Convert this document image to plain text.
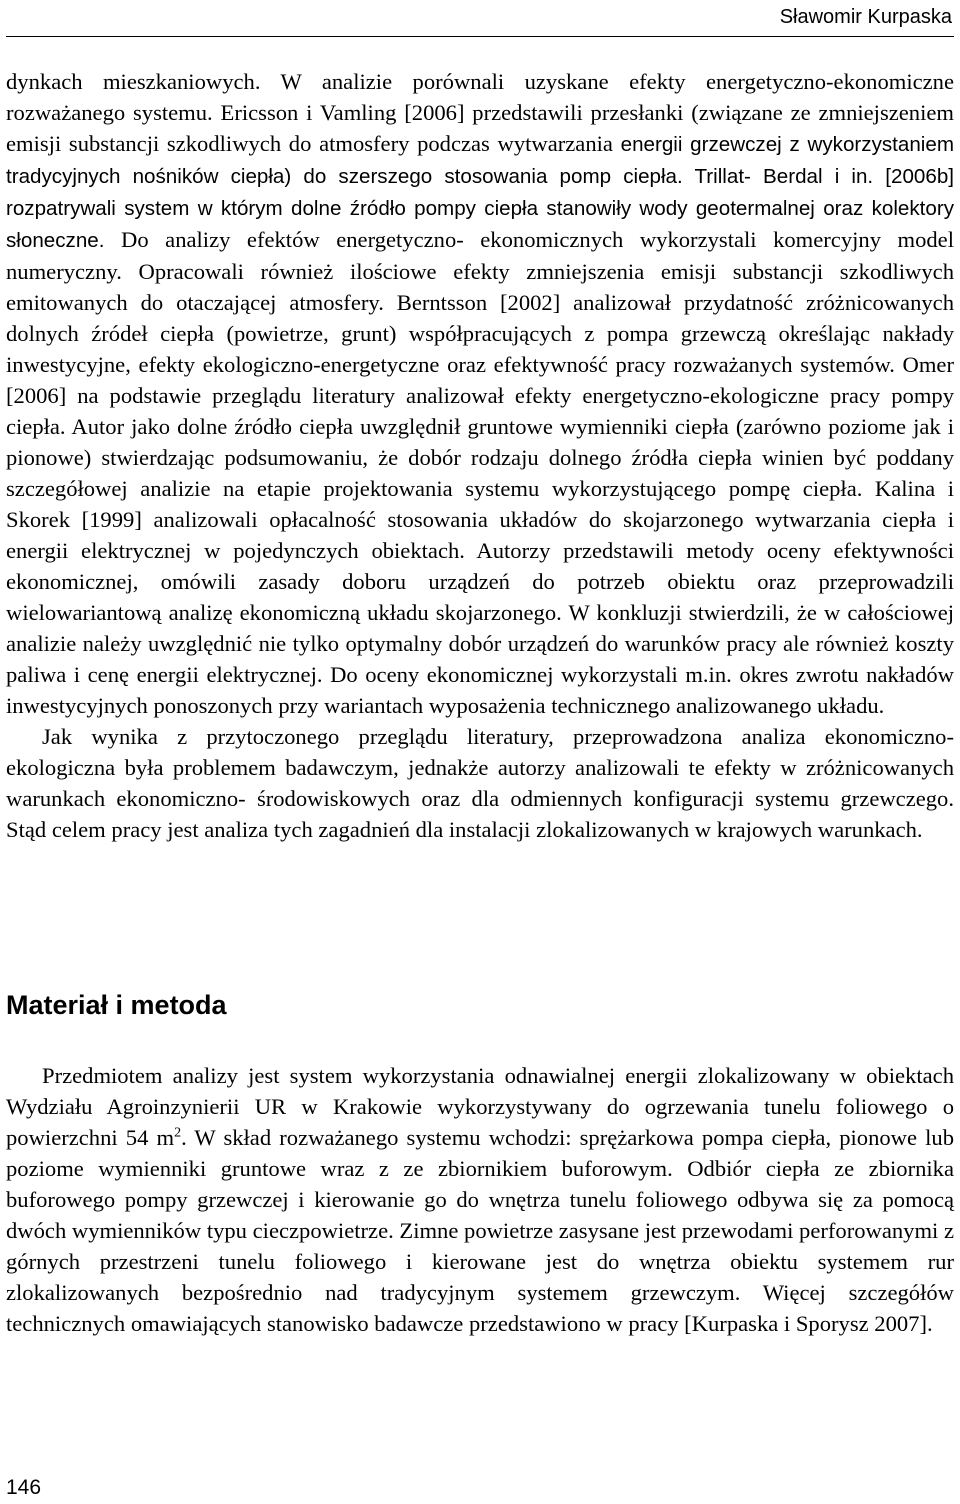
Sławomir Kurpaska

dynkach mieszkaniowych. W analizie porównali uzyskane efekty energetyczno-ekonomiczne rozważanego systemu. Ericsson i Vamling [2006] przedstawili przesłanki (związane ze zmniejszeniem emisji substancji szkodliwych do atmosfery podczas wytwarzania energii grzewczej z wykorzystaniem tradycyjnych nośników ciepła) do szerszego stosowania pomp ciepła. Trillat- Berdal i in. [2006b] rozpatrywali system w którym dolne źródło pompy ciepła stanowiły wody geotermalnej oraz kolektory słoneczne. Do analizy efektów energetyczno- ekonomicznych wykorzystali komercyjny model numeryczny. Opracowali również ilościowe efekty zmniejszenia emisji substancji szkodliwych emitowanych do otaczającej atmosfery. Berntsson [2002] analizował przydatność zróżnicowanych dolnych źródeł ciepła (powietrze, grunt) współpracujących z pompa grzewczą określając nakłady inwestycyjne, efekty ekologiczno-energetyczne oraz efektywność pracy rozważanych systemów. Omer [2006] na podstawie przeglądu literatury analizował efekty energetyczno-ekologiczne pracy pompy ciepła. Autor jako dolne źródło ciepła uwzględnił gruntowe wymienniki ciepła (zarówno poziome jak i pionowe) stwierdzając podsumowaniu, że dobór rodzaju dolnego źródła ciepła winien być poddany szczegółowej analizie na etapie projektowania systemu wykorzystującego pompę ciepła. Kalina i Skorek [1999] analizowali opłacalność stosowania układów do skojarzonego wytwarzania ciepła i energii elektrycznej w pojedynczych obiektach. Autorzy przedstawili metody oceny efektywności ekonomicznej, omówili zasady doboru urządzeń do potrzeb obiektu oraz przeprowadzili wielowariantową analizę ekonomiczną układu skojarzonego. W konkluzji stwierdzili, że w całościowej analizie należy uwzględnić nie tylko optymalny dobór urządzeń do warunków pracy ale również koszty paliwa i cenę energii elektrycznej. Do oceny ekonomicznej wykorzystali m.in. okres zwrotu nakładów inwestycyjnych ponoszonych przy wariantach wyposażenia technicznego analizowanego układu.

Jak wynika z przytoczonego przeglądu literatury, przeprowadzona analiza ekonomiczno-ekologiczna była problemem badawczym, jednakże autorzy analizowali te efekty w zróżnicowanych warunkach ekonomiczno- środowiskowych oraz dla odmiennych konfiguracji systemu grzewczego. Stąd celem pracy jest analiza tych zagadnień dla instalacji zlokalizowanych w krajowych warunkach.

Materiał i metoda

Przedmiotem analizy jest system wykorzystania odnawialnej energii zlokalizowany w obiektach Wydziału Agroinzynierii UR w Krakowie wykorzystywany do ogrzewania tunelu foliowego o powierzchni 54 $m^2$. W skład rozważanego systemu wchodzi: sprężarkowa pompa ciepła, pionowe lub poziome wymienniki gruntowe wraz z ze zbiornikiem buforowym. Odbiór ciepła ze zbiornika buforowego pompy grzewczej i kierowanie go do wnętrza tunelu foliowego odbywa się za pomocą dwóch wymienników typu cieczpowietrze. Zimne powietrze zasysane jest przewodami perforowanymi z górnych przestrzeni tunelu foliowego i kierowane jest do wnętrza obiektu systemem rur zlokalizowanych bezpośrednio nad tradycyjnym systemem grzewczym. Więcej szczegółów technicznych omawiających stanowisko badawcze przedstawiono w pracy [Kurpaska i Sporysz 2007].

146
